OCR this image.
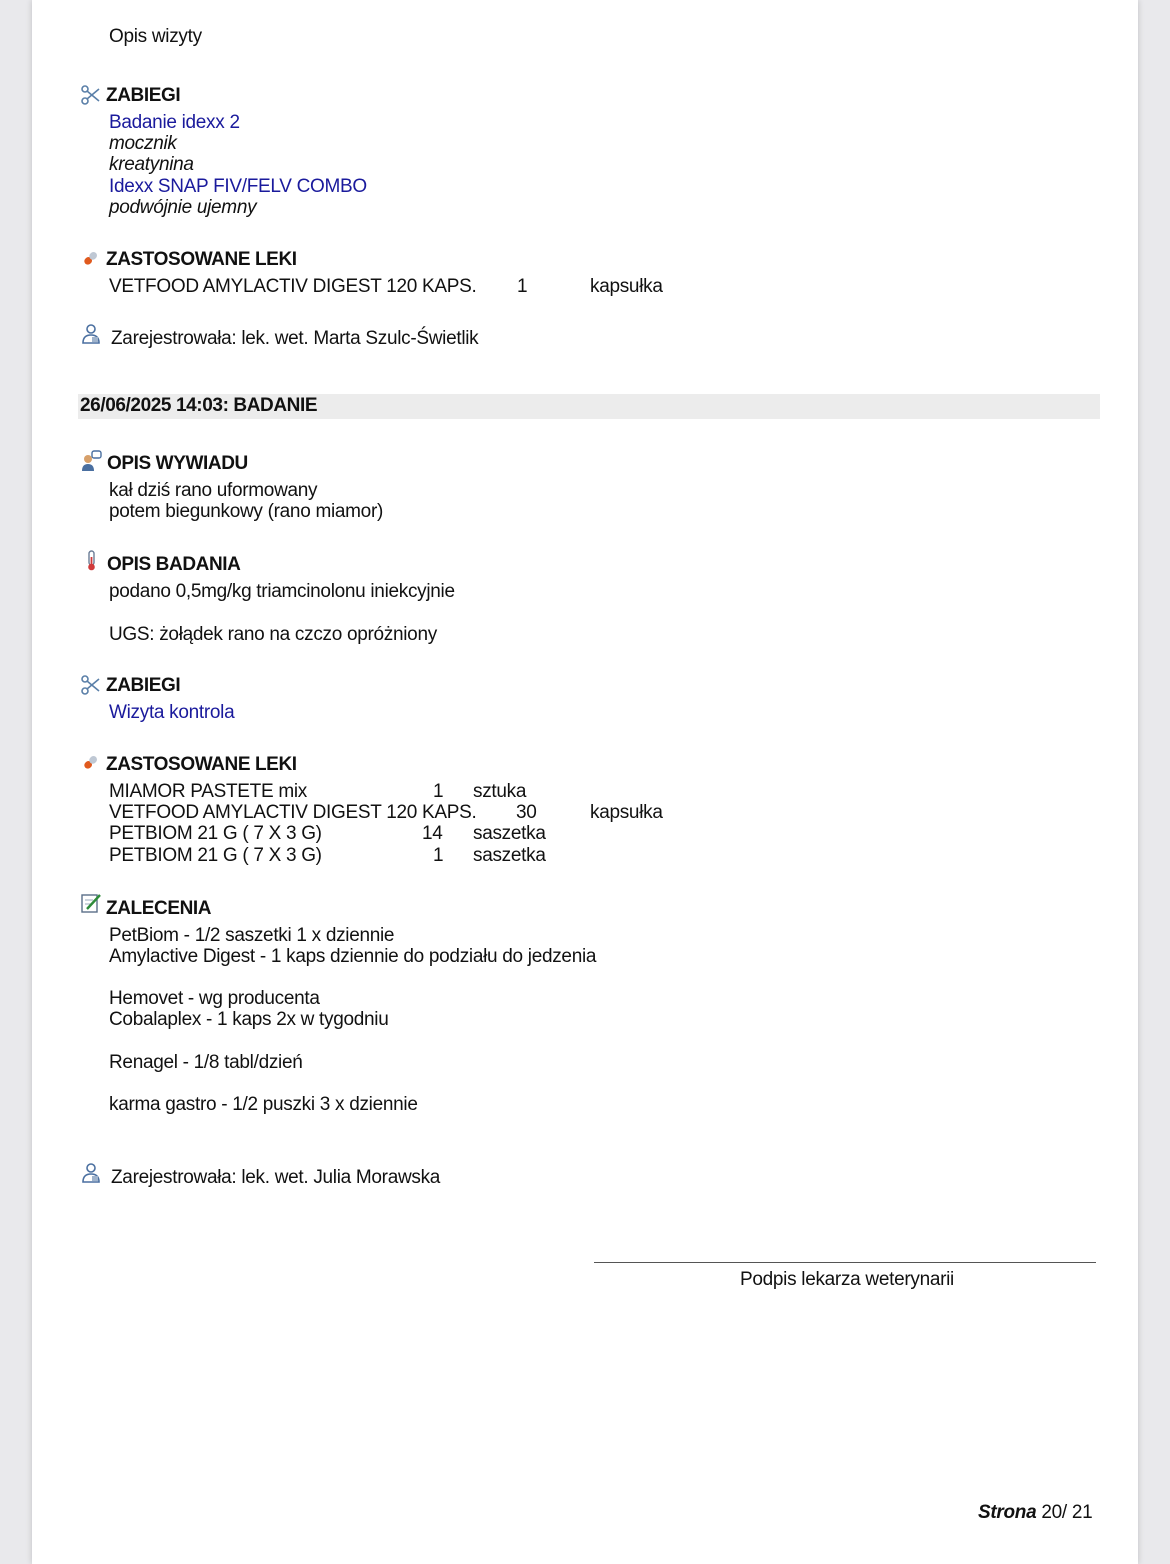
Opis wizyty
ZABIEGI
Badanie idexx 2
mocznik
kreatynina
Idexx SNAP FIV/FELV COMBO
podwójnie ujemny
ZASTOSOWANE LEKI
VETFOOD AMYLACTIV DIGEST 120 KAPS. 1	kapsułka
Zarejestrowała: lek. wet. Marta Szulc-Świetlik
26/06/2025 14:03: BADANIE
OPIS WYWIADU
kał dziś rano uformowany
potem biegunkowy (rano miamor)
OPIS BADANIA
podano 0,5mg/kg triamcinolonu iniekcyjnie
UGS: żołądek rano na czczo opróżniony
ZABIEGI
Wizyta kontrola
ZASTOSOWANE LEKI
MIAMOR PASTETE mix	1 sztuka
VETFOOD AMYLACTIV DIGEST 120 KAPS. 30	kapsułka
PETBIOM 21 G ( 7 X 3 G)	14 saszetka
PETBIOM 21 G ( 7 X 3 G)	1 saszetka
ZALECENIA
PetBiom - 1/2 saszetki 1 x dziennie
Amylactive Digest - 1 kaps dziennie do podziału do jedzenia
Hemovet - wg producenta
Cobalaplex - 1 kaps 2x w tygodniu
Renagel - 1/8 tabl/dzień
karma gastro - 1/2 puszki 3 x dziennie
Zarejestrowała: lek. wet. Julia Morawska
Podpis lekarza weterynarii
Strona 20/ 21
